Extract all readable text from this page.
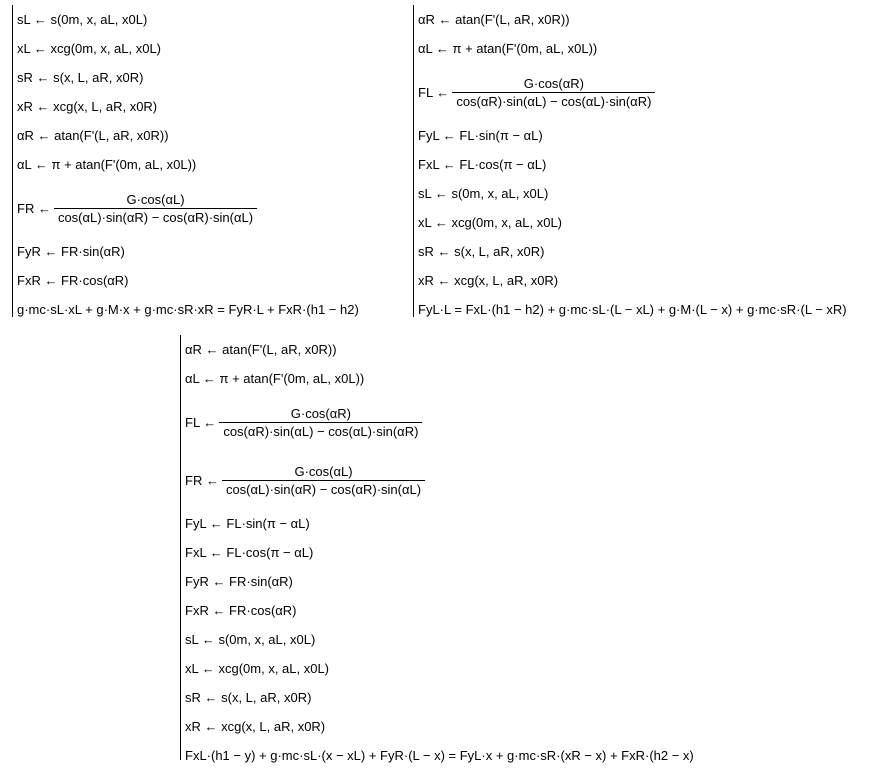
sL ← s(0m, x, aL, x0L)
xL ← xcg(0m, x, aL, x0L)
sR ← s(x, L, aR, x0R)
xR ← xcg(x, L, aR, x0R)
αR ← atan(F'(L, aR, x0R))
αL ← π + atan(F'(0m, aL, x0L))
FR ←
G·cos(αL)
cos(αL)·sin(αR) − cos(αR)·sin(αL)
FyR ← FR·sin(αR)
FxR ← FR·cos(αR)
g·mc·sL·xL + g·M·x + g·mc·sR·xR = FyR·L + FxR·(h1 − h2)
αR ← atan(F'(L, aR, x0R))
αL ← π + atan(F'(0m, aL, x0L))
FL ←
G·cos(αR)
cos(αR)·sin(αL) − cos(αL)·sin(αR)
FyL ← FL·sin(π − αL)
FxL ← FL·cos(π − αL)
sL ← s(0m, x, aL, x0L)
xL ← xcg(0m, x, aL, x0L)
sR ← s(x, L, aR, x0R)
xR ← xcg(x, L, aR, x0R)
FyL·L = FxL·(h1 − h2) + g·mc·sL·(L − xL) + g·M·(L − x) + g·mc·sR·(L − xR)
αR ← atan(F'(L, aR, x0R))
αL ← π + atan(F'(0m, aL, x0L))
FL ←
G·cos(αR)
cos(αR)·sin(αL) − cos(αL)·sin(αR)
FR ←
G·cos(αL)
cos(αL)·sin(αR) − cos(αR)·sin(αL)
FyL ← FL·sin(π − αL)
FxL ← FL·cos(π − αL)
FyR ← FR·sin(αR)
FxR ← FR·cos(αR)
sL ← s(0m, x, aL, x0L)
xL ← xcg(0m, x, aL, x0L)
sR ← s(x, L, aR, x0R)
xR ← xcg(x, L, aR, x0R)
FxL·(h1 − y) + g·mc·sL·(x − xL) + FyR·(L − x) = FyL·x + g·mc·sR·(xR − x) + FxR·(h2 − x)
